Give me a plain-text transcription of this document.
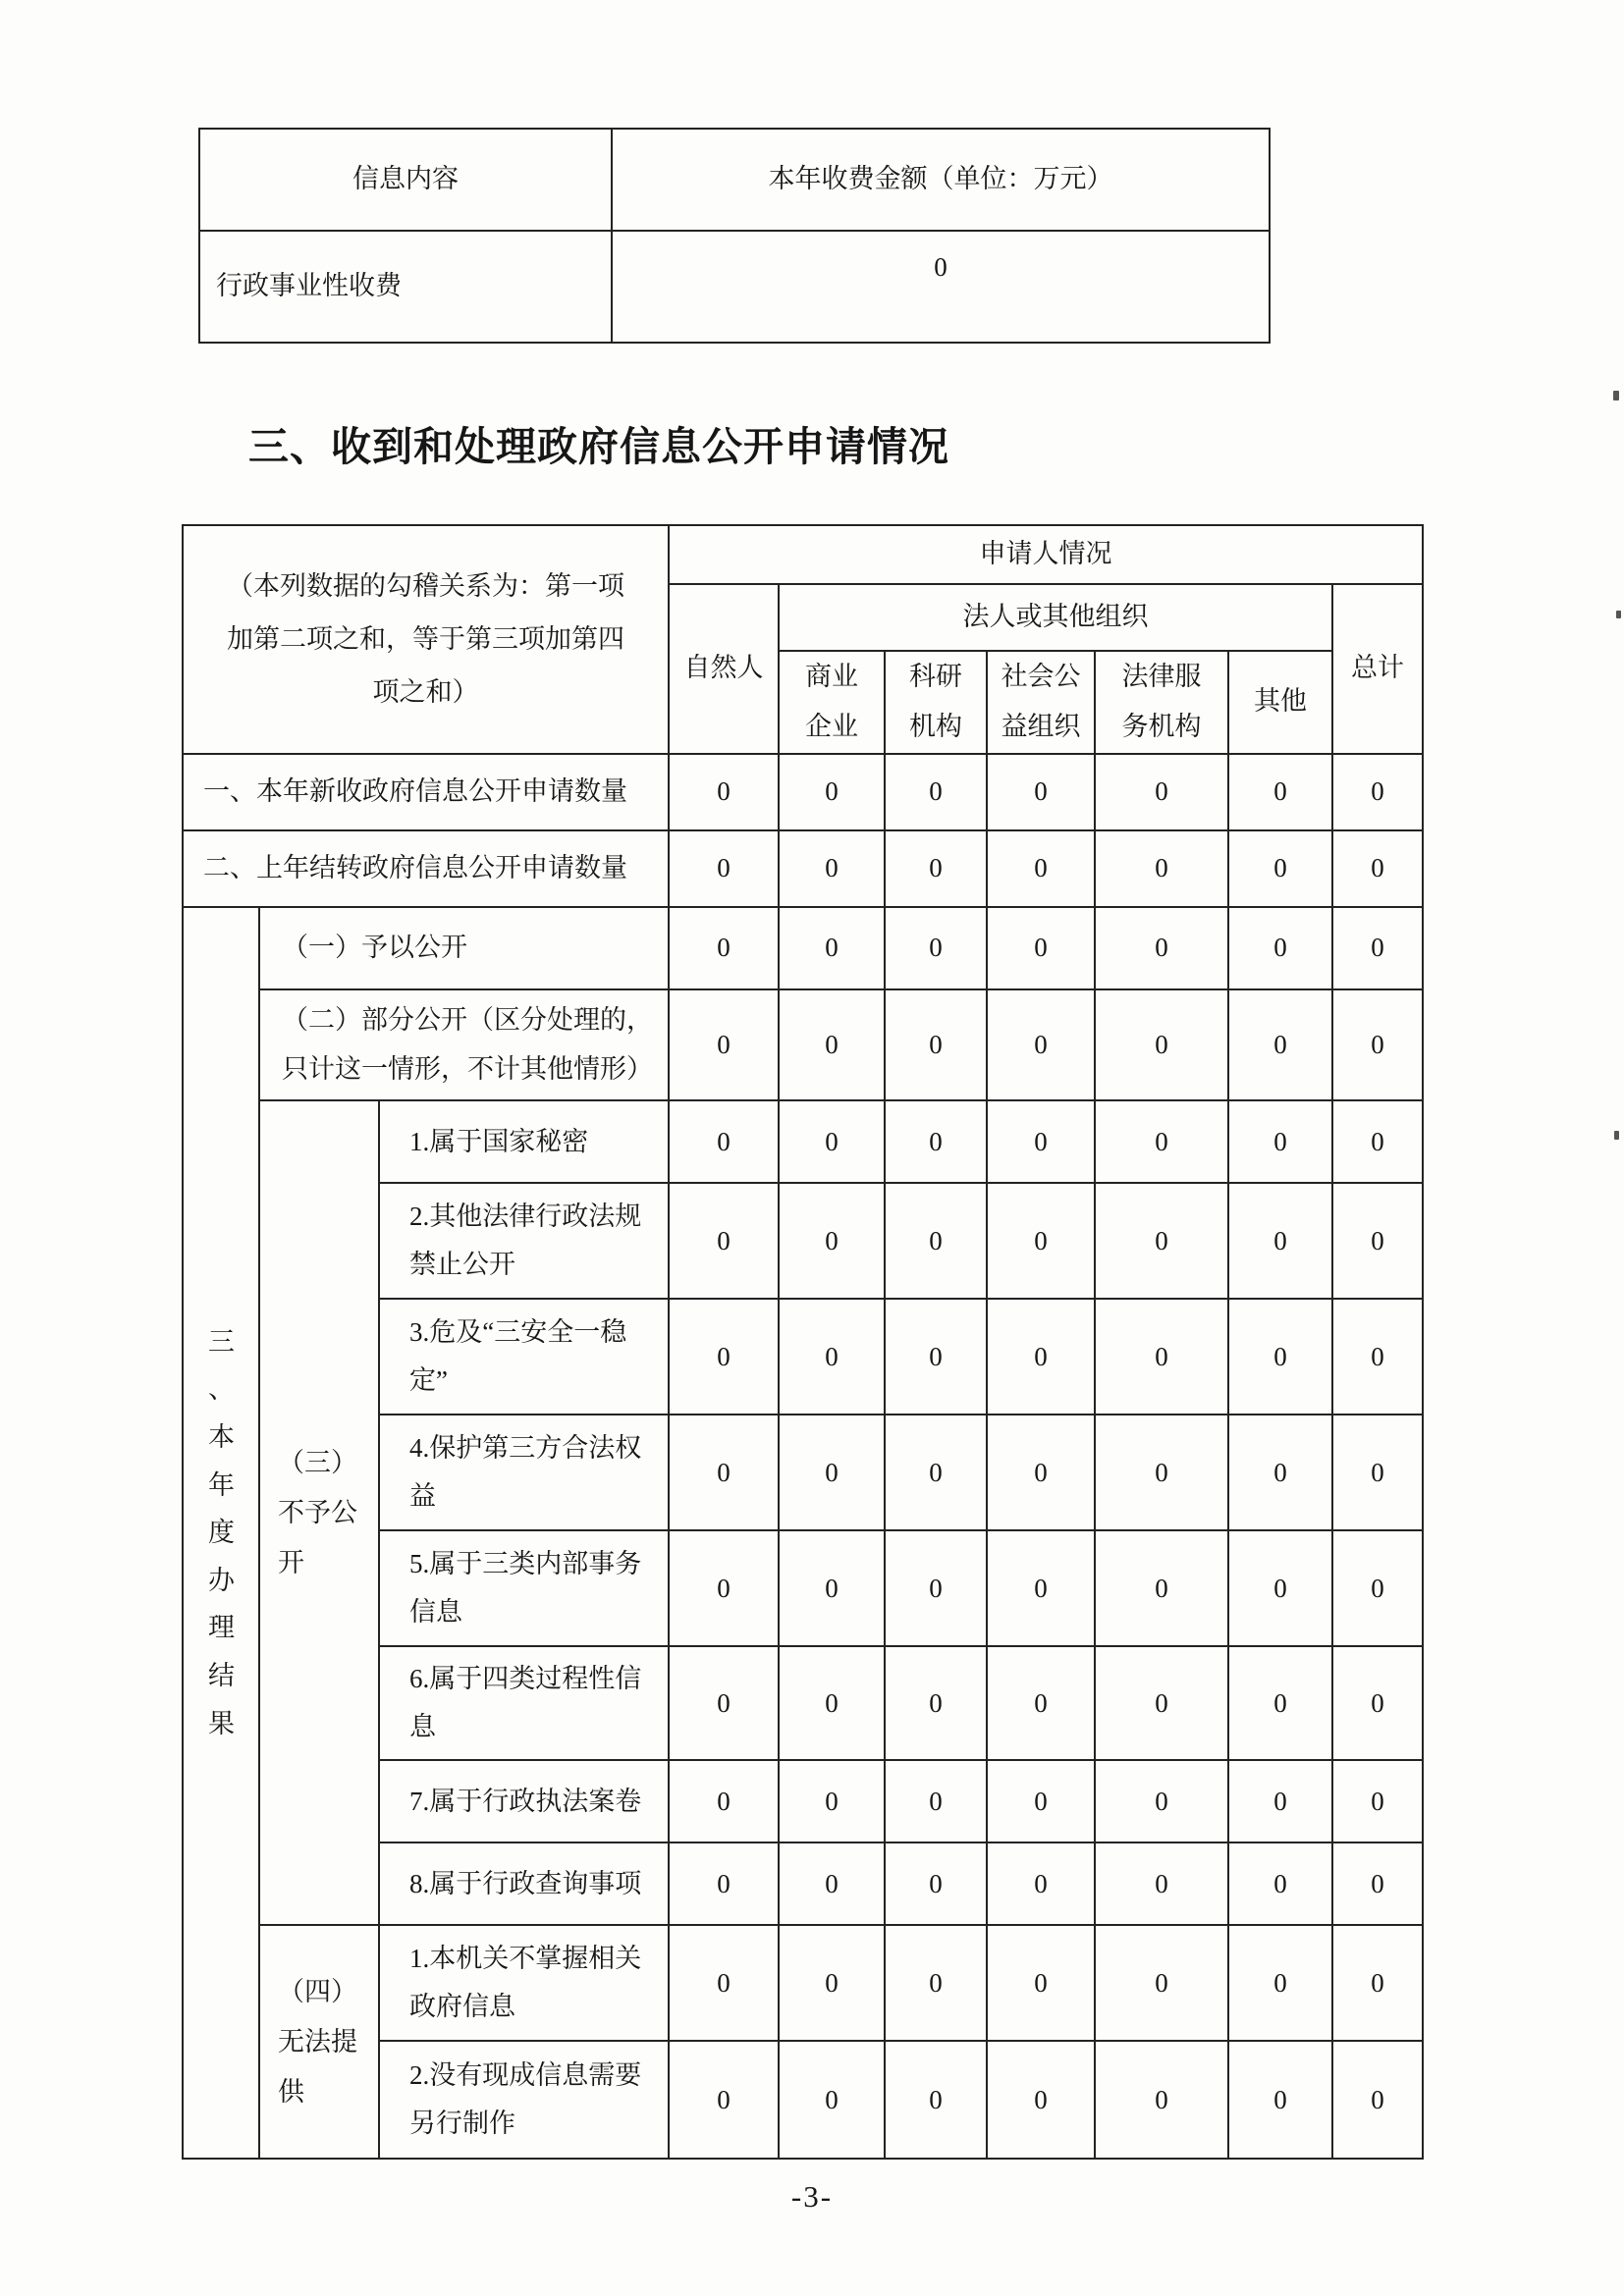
信息内容	本年收费金额（单位：万元）
行政事业性收费	0
三、收到和处理政府信息公开申请情况
（本列数据的勾稽关系为：第一项加第二项之和，等于第三项加第四项之和）			申请人情况						
			自然人	法人或其他组织					总计
				商业企业	科研机构	社会公益组织	法律服务机构	其他	
一、本年新收政府信息公开申请数量			0	0	0	0	0	0	0
二、上年结转政府信息公开申请数量			0	0	0	0	0	0	0
三、本年度办理结果	（一）予以公开		0	0	0	0	0	0	0
	（二）部分公开（区分处理的，只计这一情形，不计其他情形）		0	0	0	0	0	0	0
	（三）不予公开	1.属于国家秘密	0	0	0	0	0	0	0
		2.其他法律行政法规禁止公开	0	0	0	0	0	0	0
		3.危及“三安全一稳定”	0	0	0	0	0	0	0
		4.保护第三方合法权益	0	0	0	0	0	0	0
		5.属于三类内部事务信息	0	0	0	0	0	0	0
		6.属于四类过程性信息	0	0	0	0	0	0	0
		7.属于行政执法案卷	0	0	0	0	0	0	0
		8.属于行政查询事项	0	0	0	0	0	0	0
	（四）无法提供	1.本机关不掌握相关政府信息	0	0	0	0	0	0	0
		2.没有现成信息需要另行制作	0	0	0	0	0	0	0
-3-
